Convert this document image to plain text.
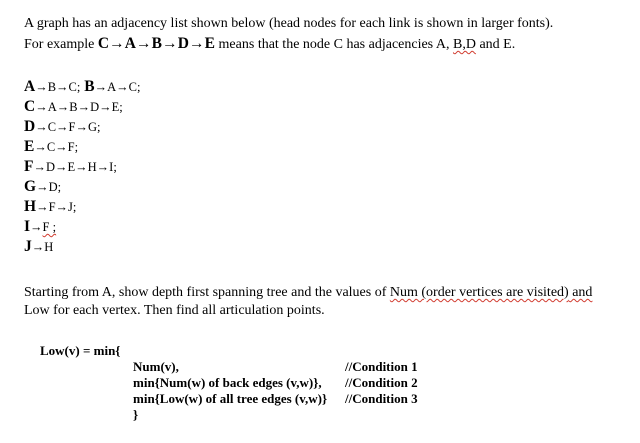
A graph has an adjacency list shown below (head nodes for each link is shown in larger fonts).
For example C→A→B→D→E means that the node C has adjacencies A, B,D and E.
A→B→C; B→A→C;
C→A→B→D→E;
D→C→F→G;
E→C→F;
F→D→E→H→I;
G→D;
H→F→J;
I→F ;
J→H
Starting from A, show depth first spanning tree and the values of Num (order vertices are visited) and
Low for each vertex. Then find all articulation points.
Low(v) = min{
Num(v),	//Condition 1
min{Num(w) of back edges (v,w)}, //Condition 2
min{Low(w) of all tree edges (v,w)} //Condition 3
}
